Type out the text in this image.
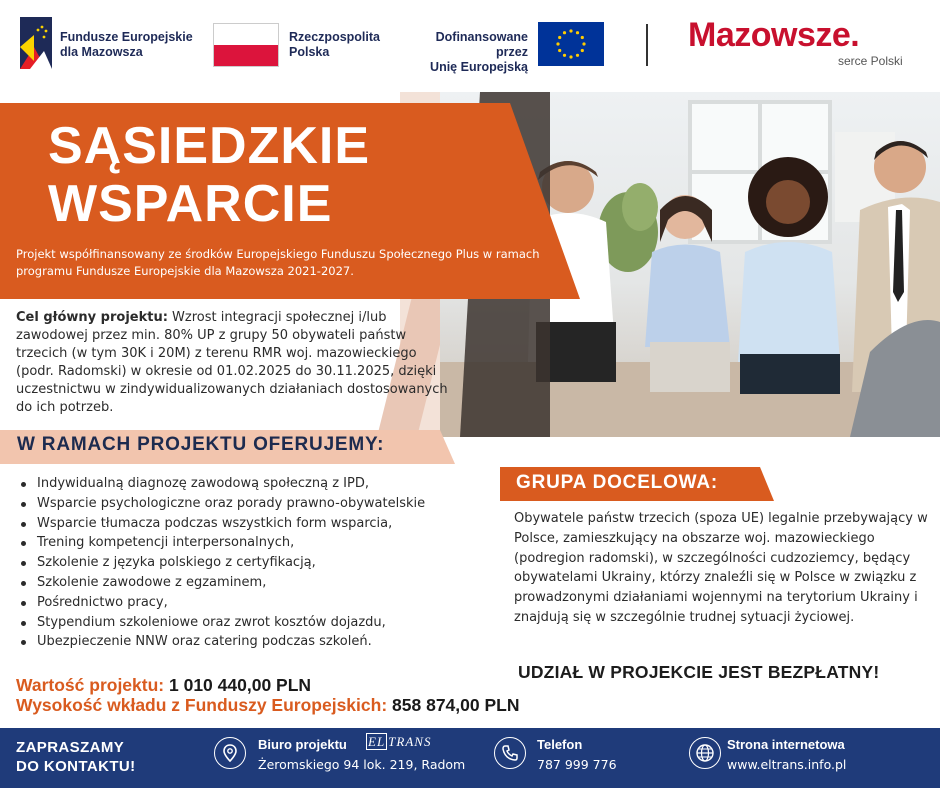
Fundusze Europejskie
dla Mazowsza
Rzeczpospolita
Polska
Dofinansowane przez
Unię Europejską
Mazowsze.
serce Polski
SĄSIEDZKIE
WSPARCIE
Projekt współfinansowany ze środków Europejskiego Funduszu Społecznego Plus w ramach programu Fundusze Europejskie dla Mazowsza 2021-2027.

Cel główny projektu: Wzrost integracji społecznej i/lub zawodowej przez min. 80% UP z grupy 50 obywateli państw trzecich (w tym 30K i 20M) z terenu RMR woj. mazowieckiego (podr. Radomski) w okresie od 01.02.2025 do 30.11.2025, dzięki uczestnictwu w zindywidualizowanych działaniach dostosowanych do ich potrzeb.

W RAMACH PROJEKTU OFERUJEMY:
Indywidualną diagnozę zawodową społeczną z IPD,
Wsparcie psychologiczne oraz porady prawno-obywatelskie
Wsparcie tłumacza podczas wszystkich form wsparcia,
Trening kompetencji interpersonalnych,
Szkolenie z języka polskiego z certyfikacją,
Szkolenie zawodowe z egzaminem,
Pośrednictwo pracy,
Stypendium szkoleniowe oraz zwrot kosztów dojazdu,
Ubezpieczenie NNW oraz catering podczas szkoleń.
GRUPA DOCELOWA:

Obywatele państw trzecich (spoza UE) legalnie przebywający w Polsce, zamieszkujący na obszarze woj. mazowieckiego (podregion radomski), w szczególności cudzoziemcy, będący obywatelami Ukrainy, którzy znaleźli się w Polsce w związku z prowadzonymi działaniami wojennymi na terytorium Ukrainy i znajdują się w szczególnie trudnej sytuacji życiowej.

UDZIAŁ W PROJEKCIE JEST BEZPŁATNY!
Wartość projektu: 1 010 440,00 PLN
Wysokość wkładu z Funduszy Europejskich: 858 874,00 PLN
ZAPRASZAMY
DO KONTAKTU!
Biuro projektu EL TRANS
Żeromskiego 94 lok. 219, Radom
Telefon
787 999 776
Strona internetowa
www.eltrans.info.pl
